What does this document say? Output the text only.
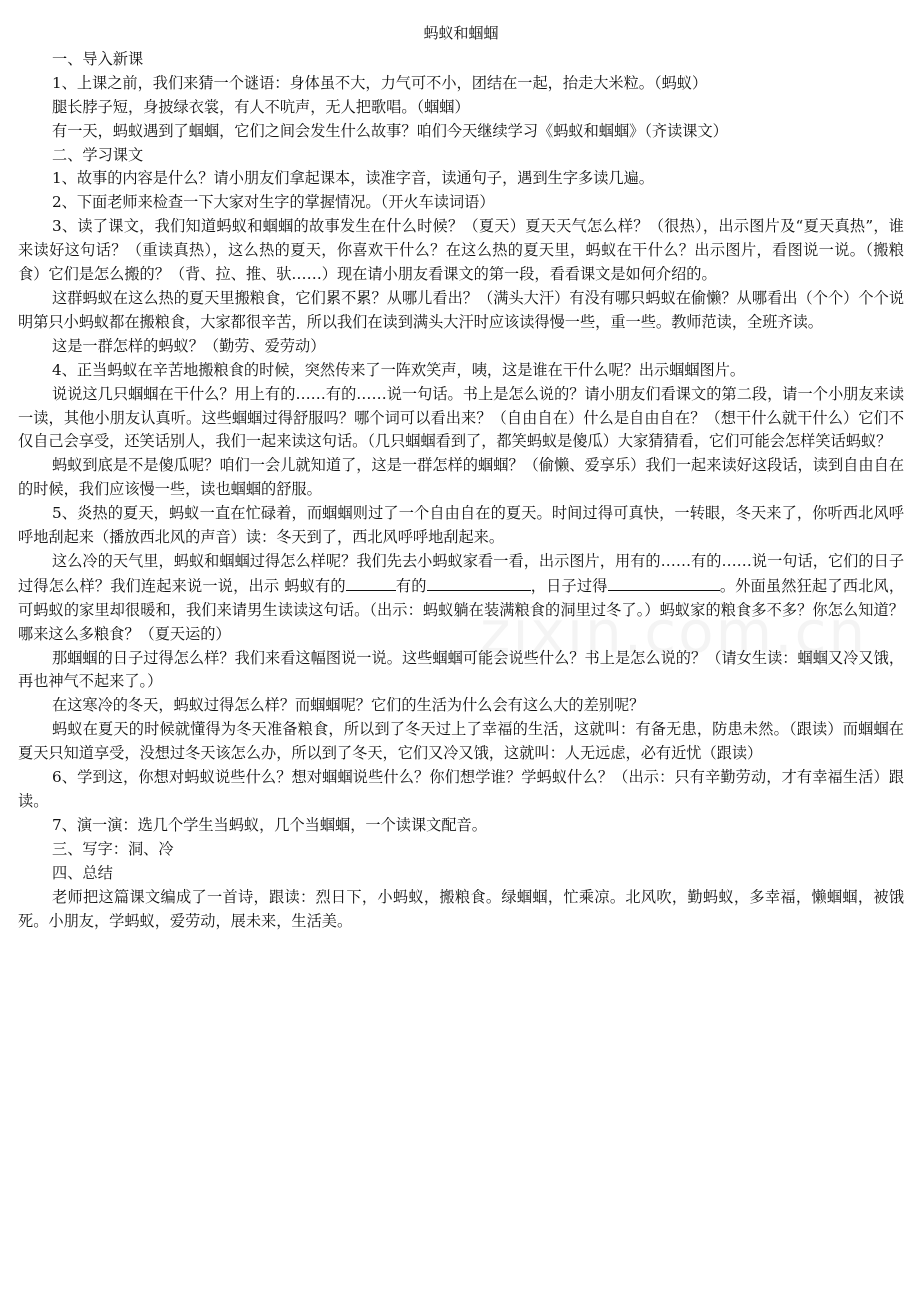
蚂蚁和蝈蝈

一、导入新课

1、上课之前，我们来猜一个谜语：身体虽不大，力气可不小，团结在一起，抬走大米粒。（蚂蚁）

腿长脖子短，身披绿衣裳，有人不吭声，无人把歌唱。（蝈蝈）

有一天，蚂蚁遇到了蝈蝈，它们之间会发生什么故事？咱们今天继续学习《蚂蚁和蝈蝈》（齐读课文）

二、学习课文

1、故事的内容是什么？请小朋友们拿起课本，读准字音，读通句子，遇到生字多读几遍。

2、下面老师来检查一下大家对生字的掌握情况。（开火车读词语）

3、读了课文，我们知道蚂蚁和蝈蝈的故事发生在什么时候？（夏天）夏天天气怎么样？（很热），出示图片及“夏天真热”，谁来读好这句话？（重读真热），这么热的夏天，你喜欢干什么？在这么热的夏天里，蚂蚁在干什么？出示图片，看图说一说。（搬粮食）它们是怎么搬的？（背、拉、推、驮……）现在请小朋友看课文的第一段，看看课文是如何介绍的。

这群蚂蚁在这么热的夏天里搬粮食，它们累不累？从哪儿看出？（满头大汗）有没有哪只蚂蚁在偷懒？从哪看出（个个）个个说明第只小蚂蚁都在搬粮食，大家都很辛苦，所以我们在读到满头大汗时应该读得慢一些，重一些。教师范读，全班齐读。

这是一群怎样的蚂蚁？（勤劳、爱劳动）

4、正当蚂蚁在辛苦地搬粮食的时候，突然传来了一阵欢笑声，咦，这是谁在干什么呢？出示蝈蝈图片。

说说这几只蝈蝈在干什么？用上有的……有的……说一句话。书上是怎么说的？请小朋友们看课文的第二段，请一个小朋友来读一读，其他小朋友认真听。这些蝈蝈过得舒服吗？哪个词可以看出来？（自由自在）什么是自由自在？（想干什么就干什么）它们不仅自己会享受，还笑话别人，我们一起来读这句话。（几只蝈蝈看到了，都笑蚂蚁是傻瓜）大家猜猜看，它们可能会怎样笑话蚂蚁？

蚂蚁到底是不是傻瓜呢？咱们一会儿就知道了，这是一群怎样的蝈蝈？（偷懒、爱享乐）我们一起来读好这段话，读到自由自在的时候，我们应该慢一些，读也蝈蝈的舒服。

5、炎热的夏天，蚂蚁一直在忙碌着，而蝈蝈则过了一个自由自在的夏天。时间过得可真快，一转眼，冬天来了，你听西北风呼呼地刮起来（播放西北风的声音）读：冬天到了，西北风呼呼地刮起来。

这么冷的天气里，蚂蚁和蝈蝈过得怎么样呢？我们先去小蚂蚁家看一看，出示图片，用有的……有的……说一句话，它们的日子过得怎么样？我们连起来说一说，出示 蚂蚁有的	有的	，日子过得	。外面虽然狂起了西北风，可蚂蚁的家里却很暖和，我们来请男生读读这句话。（出示：蚂蚁躺在装满粮食的洞里过冬了。）蚂蚁家的粮食多不多？你怎么知道？哪来这么多粮食？（夏天运的）

那蝈蝈的日子过得怎么样？我们来看这幅图说一说。这些蝈蝈可能会说些什么？书上是怎么说的？（请女生读：蝈蝈又冷又饿，再也神气不起来了。）

在这寒冷的冬天，蚂蚁过得怎么样？而蝈蝈呢？它们的生活为什么会有这么大的差别呢？

蚂蚁在夏天的时候就懂得为冬天准备粮食，所以到了冬天过上了幸福的生活，这就叫：有备无患，防患未然。（跟读）而蝈蝈在夏天只知道享受，没想过冬天该怎么办，所以到了冬天，它们又冷又饿，这就叫：人无远虑，必有近忧（跟读）

6、学到这，你想对蚂蚁说些什么？想对蝈蝈说些什么？你们想学谁？学蚂蚁什么？（出示：只有辛勤劳动，才有幸福生活）跟读。

7、演一演：选几个学生当蚂蚁，几个当蝈蝈，一个读课文配音。

三、写字：洞、冷

四、总结

老师把这篇课文编成了一首诗，跟读：烈日下，小蚂蚁，搬粮食。绿蝈蝈，忙乘凉。北风吹，勤蚂蚁，多幸福，懒蝈蝈，被饿死。小朋友，学蚂蚁，爱劳动，展未来，生活美。
